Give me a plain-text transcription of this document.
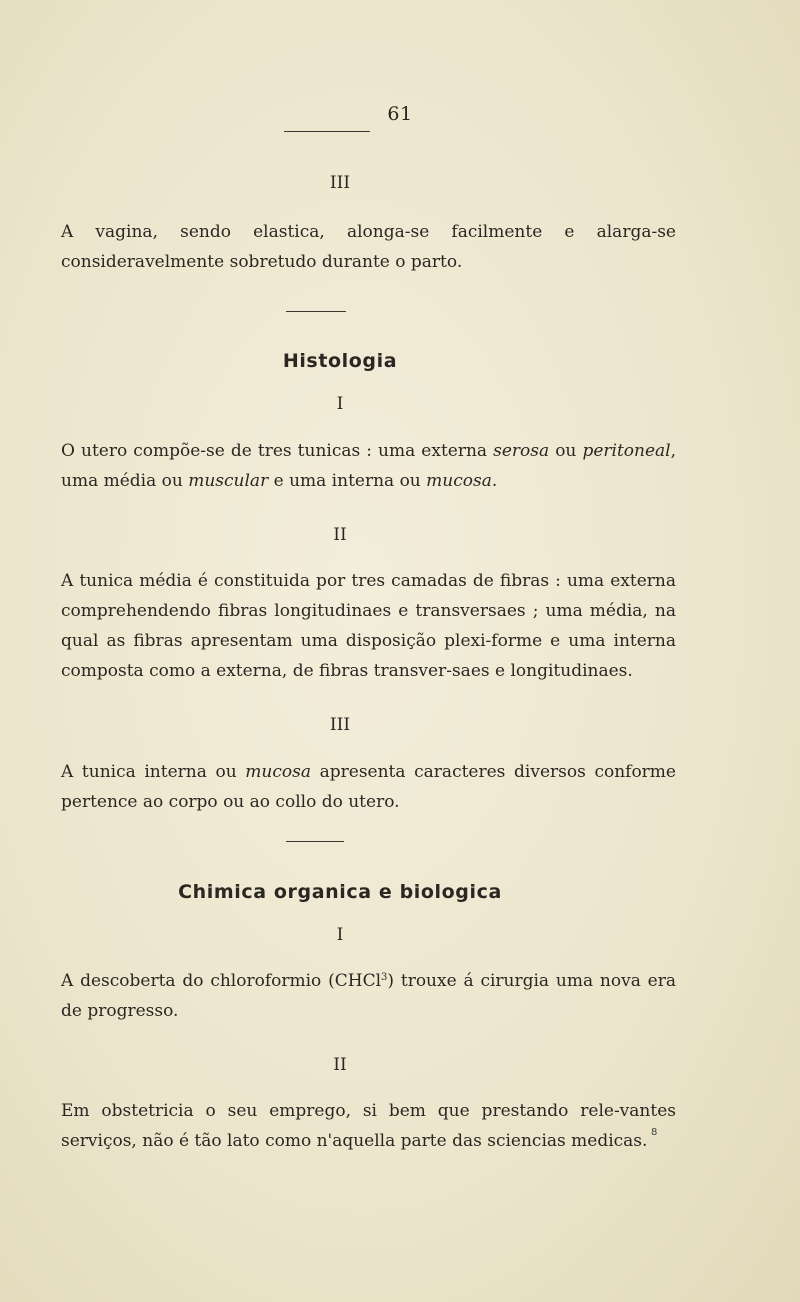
61
III
A vagina, sendo elastica, alonga-se facilmente e alarga-se consideravelmente sobretudo durante o parto.
Histologia
I
O utero compõe-se de tres tunicas : uma externa serosa ou peritoneal, uma média ou muscular e uma interna ou mucosa.
II
A tunica média é constituida por tres camadas de fibras : uma externa comprehendendo fibras longitudinaes e transversaes ; uma média, na qual as fibras apresentam uma disposição plexi-forme e uma interna composta como a externa, de fibras transver-saes e longitudinaes.
III
A tunica interna ou mucosa apresenta caracteres diversos conforme pertence ao corpo ou ao collo do utero.
Chimica organica e biologica
I
A descoberta do chloroformio (CHCl$^3$) trouxe á cirurgia uma nova era de progresso.
II
Em obstetricia o seu emprego, si bem que prestando rele-vantes serviços, não é tão lato como n'aquella parte das sciencias medicas. 8
